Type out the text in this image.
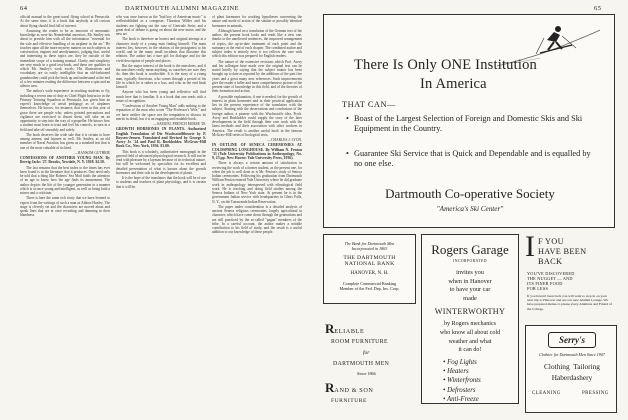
64	DARTMOUTH ALUMNI MAGAZINE	65

official manual in the great naval flying school at Pensacola. At the same time, it is a book that anybody at all curious about flying should find full of interest.

Assuming the reader to be as innocent of aeronautic knowledge as were his Neanderthal ancestors, Mr. Smiley sets about to provide him with all the information "essential for the safe and effective handling of an airplane in the air." He touches upon all the more mystery matters on such subjects as construction, engines and aerodynamics, judging that, useful and interesting as these topics are, they lie outside of the immediate scope of a training manual. Clarity and simplicity are very much in a good text-book, and these are qualities in which Mr. Smiley's work excels. His illustrations and vocabulary are so easily intelligible that an old-fashioned grandmother could pick the book up and understand at the end of a few minutes reading the difference between a spin and an aileron turn.

The author's wide experience in teaching students to fly, including a recent tour of duty as Chief Flight Instructor in the Primary Training Squadron at Pensacola, has given him an expert's knowledge of aerial pedagogy as of airplanes themselves. He knows, for instance, that even in this year of grace there are people who, unless pointed precautions and vigilance are exercised to thwart them, will take on an opportunity to step into the way of a propeller. He knows how a student must learn to trust and feel his controls, to turn in a field and take off smoothly and safely.

The book deserves the wide sale that it is certain to have among airmen, and laymen as well. Mr. Smiley, as an old member of Naval Aviation, has given us a standard text that is one of the most valuable of its kind.

—RANSOM GUTHRIE

CONFESSIONS OF ANOTHER YOUNG MAN. By Brevig Jacks '27. Brooks, Yewdale, N. Y. 1928. $2.50.

The last remains that the best index to the times has ever been found is in the literature that it produces. One need only be told that a thing like Roberts' Sea Mail holds the attention of an age to know how the age finds its amusement. The author depicts the life of the younger generation in a manner which is at once young and intelligent, as well as being both a mirror and a criticism.

There is here the same rich irony that we have learned to expect from the writings of such a man as Aldous Huxley. The stage is cleverly set and the characters are moved about and speak lines that are at once revealing and damning in their blandness.

who was once known as the "bad boy of American music" is wellestablished as a composer; Thornton Wilder and his students are fighting out the case of Gertrude Stein; and a great deal of debate is going on about the new music and the new art.

The book is therefore an honest and original attempt at a character study of a young man finding himself. The main interest lies, however, in the relation of the protagonist to his world, and in the many small incidents that illustrate this relation. The author has a sure gift for dialogue and for the vivid description of people and places.

But the major interest of the book is the anecdotes, and if the anecdotes really mean anything, as ourselves are sure they do, then this book is worthwhile. It is the story of a young man, typically American, who comes through a period of his life in which he is rather at a loss, and who in the end finds himself.

Anyone who has been young and reflective will find much here that is familiar. It is a book that one reads with a sense of recognition.

"Confessions of Another Young Man" adds nothing to the reputation of the man who wrote "The Professor's Wife," and we have neither the space nor the temptation to discuss its merits in detail, but it is an engaging and readable book.

—SAMUEL FRENCH MORSE '28.

GROWTH HORMONES IN PLANTS. Authorized English Translation of Die Wuchsstofftheorie by P. Boysen-Jensen. Translated and Revised by George S. Avery Jr. '24 and Paul R. Burkholder. McGraw-Hill Book Co., New York, 1936. $3.00.

This book is a scholarly, authoritative monograph in the general field of advanced physiological research. It will not be read with pleasure by a layman because of its technical nature, but will be welcomed by specialists for its excellent and detailed presentation of what is known about the growth hormones and their role in the development of plants.

It is the hope of the translators that the book will be of use to students and teachers of plant physiology, and it is certain that it will be.

of plant hormones for working hypotheses concerning the nature and mode of action of the similar or possibly identical hormones in animals.

Although based on a translation of the German text of the author, the present book looks and reads like a new one, thanks to the unrelieved sentences, the improved arrangement of topics, the up-to-date treatment of each point and the summary at the end of each chapter. The combined author and subject index is entirely new; it too reflects the care with which this edition was prepared for English readers.

The nature of the extensive revisions which Prof. Avery and his colleague have made over the original text can be stated briefly by saying that the subject matter has been brought up to date as reported by the additions of the past five years and a great many new references. Such improvements give the reader a fuller and more comprehensive picture of the present state of knowledge in this field, and of the theories of their formation and action.

A possible explanation, if one is needed, for the growth of interest in plant hormones and in their practical application lies in the present experience of the translators with the subject. Starting with the observations and conclusions of the foreign author, a pioneer with the Wuchsstoffe idea, Profs. Avery and Burkholder could supply the story of the later developments in the field through their own work with the latest methods and their association with other workers in America. The result is another useful book in the famous McGraw-Hill series of biological texts.

—CHARLES J. LYON.

IN OUTLINE OF SENECA CEREMONIES AT COLDSPRING LONGHOUSE. By William N. Fenton '31 (Yale University Publications in Anthropology, No. 9, 23 pp. New Haven: Yale University Press, 1936).

There is always a certain amount of satisfaction in reviewing the work of a former student, as the present one, for when the job is well done as is Mr. Fenton's study of Seneca Indian ceremonies. Following his graduation from Dartmouth William Fenton entered Yale University where he did graduate work in anthropology interspersed with ethnological field work. He is teaching and doing field studies among the Seneca Indians of New York state. At present he is in the government Indian service with headquarters in Glens Falls, N. Y., on the Tonawanda Indian Reservation.

The paper under consideration is a detailed analysis of ancient Seneca religious ceremonies, largely agricultural in character, which have come down through the generations and are still practiced by the so-called "pagan" members of the tribe. In a careful account, the author makes a notable contribution to his field of study, and the result is a useful addition to our knowledge of these people.

There Is Only ONE Institution
In America
THAT CAN—
• Boast of the Largest Selection of Foreign and Domestic Skis and Ski Equipment in the Country.
• Guarantee Ski Service that is Quick and Dependable and is equalled by no one else.
Dartmouth Co-operative Society
"America's Ski Center"
The Bank for Dartmouth Men
Incorporated in 1863
THE DARTMOUTH
NATIONAL BANK
HANOVER, N. H.
Complete Commercial Banking
Member of the Fed. Dep. Ins. Corp.
RELIABLE
ROOM FURNITURE
for
DARTMOUTH MEN
Since 1866
RAND & SON
FURNITURE
Rogers Garage
INCORPORATED
invites you
when in Hanover
to have your car
made
WINTERWORTHY
by Rogers mechanics
who know all about cold
weather and what
it can do!
• Fog Lights
• Heaters
• Winterfronts
• Defrosters
• Anti-Freeze
I F YOU
HAVE BEEN
BACK
YOU'VE DISCOVERED
THE NUGGET — AND
ITS FINER FOOD
FOR LESS
If you haven't been back you will want to stop in on your next trip to Hanover and see our new Alumni Lounge. We have prepared menus to please every Alumnus and Friend of the College.
Serry's
Clothier for Dartmouth Men Since 1907
Clothing Tailoring
Haberdashery
CLEANING	PRESSING
